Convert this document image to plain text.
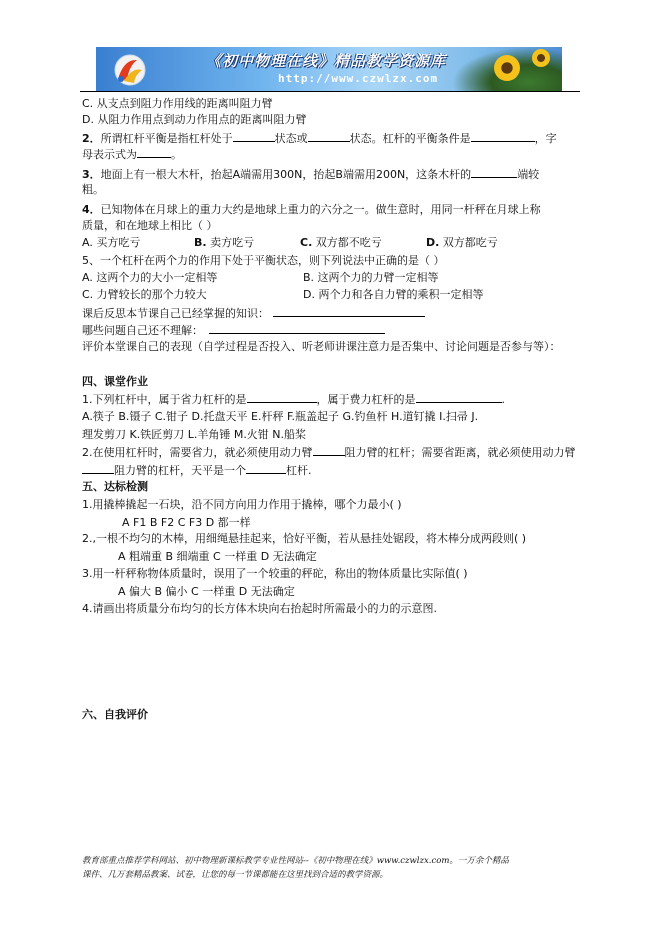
《初中物理在线》精品教学资源库
http://www.czwlzx.com
C. 从支点到阻力作用线的距离叫阻力臂
D. 从阻力作用点到动力作用点的距离叫阻力臂
2．所谓杠杆平衡是指杠杆处于	状态或	状态。杠杆的平衡条件是	，字
母表示式为	。
3．地面上有一根大木杆，抬起A端需用300N，抬起B端需用200N，这条木杆的	端较
粗。
4．已知物体在月球上的重力大约是地球上重力的六分之一。做生意时，用同一杆秤在月球上称
质量，和在地球上相比（ ）
A. 买方吃亏	B. 卖方吃亏	C. 双方都不吃亏	D. 双方都吃亏
5、一个杠杆在两个力的作用下处于平衡状态，则下列说法中正确的是（ ）
A. 这两个力的大小一定相等	B. 这两个力的力臂一定相等
C. 力臂较长的那个力较大	D. 两个力和各自力臂的乘积一定相等
课后反思本节课自己已经掌握的知识：
哪些问题自己还不理解：
评价本堂课自己的表现（自学过程是否投入、听老师讲课注意力是否集中、讨论问题是否参与等）：
四、课堂作业
1.下列杠杆中，属于省力杠杆的是	，属于费力杠杆的是	.
A.筷子 B.镊子 C.钳子 D.托盘天平 E.杆秤 F.瓶盖起子 G.钓鱼杆 H.道钉撬 I.扫帚 J.
理发剪刀 K.铁匠剪刀 L.羊角锤 M.火钳 N.船桨
2.在使用杠杆时，需要省力，就必须使用动力臂	阻力臂的杠杆；需要省距离，就必须使用动力臂
阻力臂的杠杆，天平是一个	杠杆.
五、达标检测
1.用撬棒撬起一石块，沿不同方向用力作用于撬棒，哪个力最小( )
A F1 B F2 C F3 D 都一样
2.,一根不均匀的木棒，用细绳悬挂起来，恰好平衡，若从悬挂处锯段，将木棒分成两段则( )
A 粗端重 B 细端重 C 一样重 D 无法确定
3.用一杆秤称物体质量时，误用了一个较重的秤砣，称出的物体质量比实际值( )
A 偏大 B 偏小 C 一样重 D 无法确定
4.请画出将质量分布均匀的长方体木块向右抬起时所需最小的力的示意图.
六、自我评价
教育部重点推荐学科网站、初中物理新课标教学专业性网站--《初中物理在线》www.czwlzx.com。一万余个精品
课件、几万套精品教案、试卷，让您的每一节课都能在这里找到合适的教学资源。
